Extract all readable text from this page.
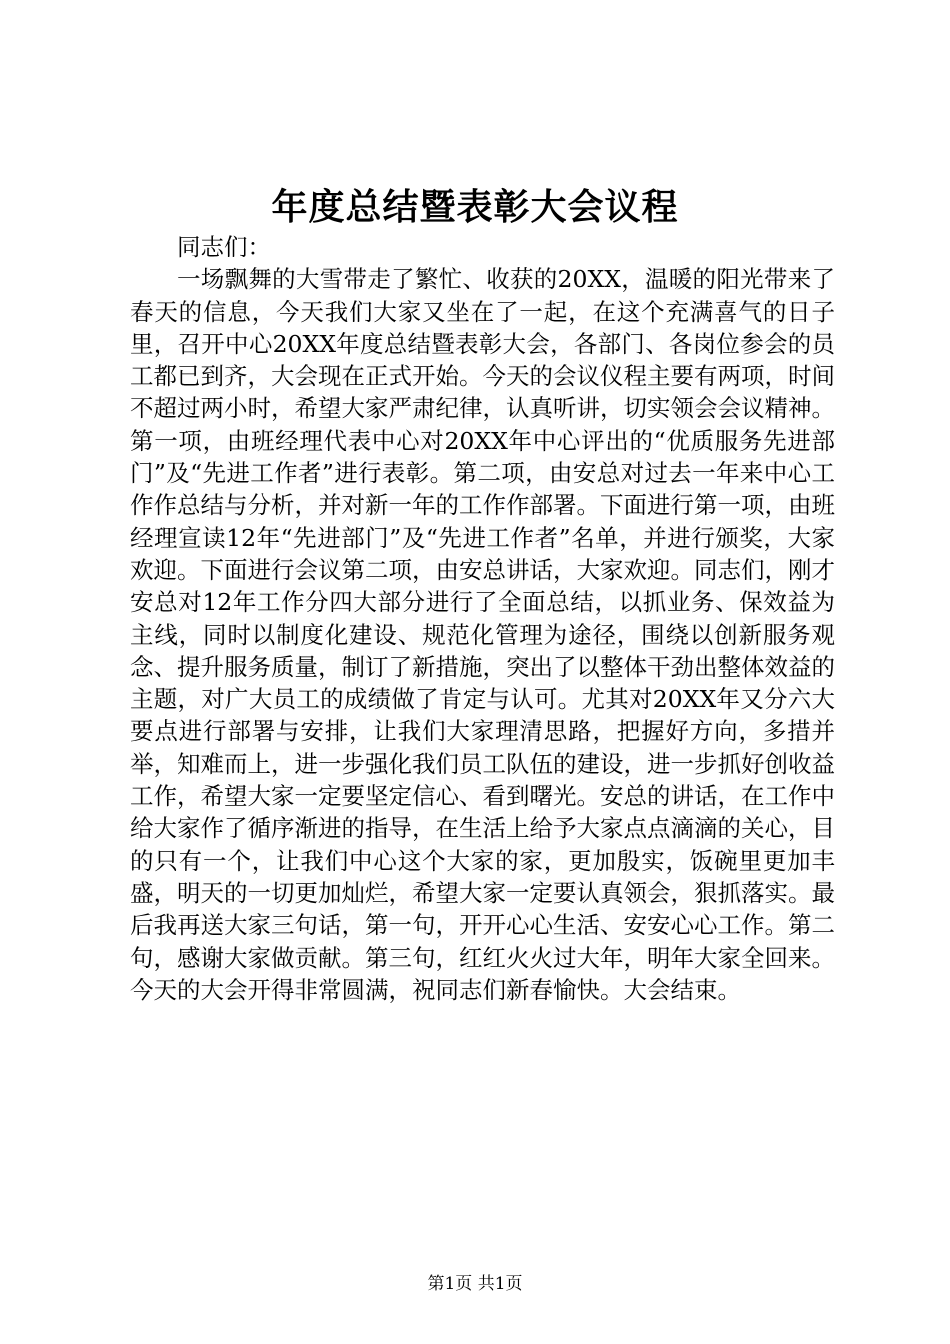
年度总结暨表彰大会议程

同志们：

一场飘舞的大雪带走了繁忙、收获的20XX，温暖的阳光带来了春天的信息，今天我们大家又坐在了一起，在这个充满喜气的日子里，召开中心20XX年度总结暨表彰大会，各部门、各岗位参会的员工都已到齐，大会现在正式开始。今天的会议仪程主要有两项，时间不超过两小时，希望大家严肃纪律，认真听讲，切实领会会议精神。第一项，由班经理代表中心对20XX年中心评出的“优质服务先进部门”及“先进工作者”进行表彰。第二项，由安总对过去一年来中心工作作总结与分析，并对新一年的工作作部署。下面进行第一项，由班经理宣读12年“先进部门”及“先进工作者”名单，并进行颁奖，大家欢迎。下面进行会议第二项，由安总讲话，大家欢迎。同志们，刚才安总对12年工作分四大部分进行了全面总结，以抓业务、保效益为主线，同时以制度化建设、规范化管理为途径，围绕以创新服务观念、提升服务质量，制订了新措施，突出了以整体干劲出整体效益的主题，对广大员工的成绩做了肯定与认可。尤其对20XX年又分六大要点进行部署与安排，让我们大家理清思路，把握好方向，多措并举，知难而上，进一步强化我们员工队伍的建设，进一步抓好创收益工作，希望大家一定要坚定信心、看到曙光。安总的讲话，在工作中给大家作了循序渐进的指导，在生活上给予大家点点滴滴的关心，目的只有一个，让我们中心这个大家的家，更加殷实，饭碗里更加丰盛，明天的一切更加灿烂，希望大家一定要认真领会，狠抓落实。最后我再送大家三句话，第一句，开开心心生活、安安心心工作。第二句，感谢大家做贡献。第三句，红红火火过大年，明年大家全回来。今天的大会开得非常圆满，祝同志们新春愉快。大会结束。

第1页 共1页
